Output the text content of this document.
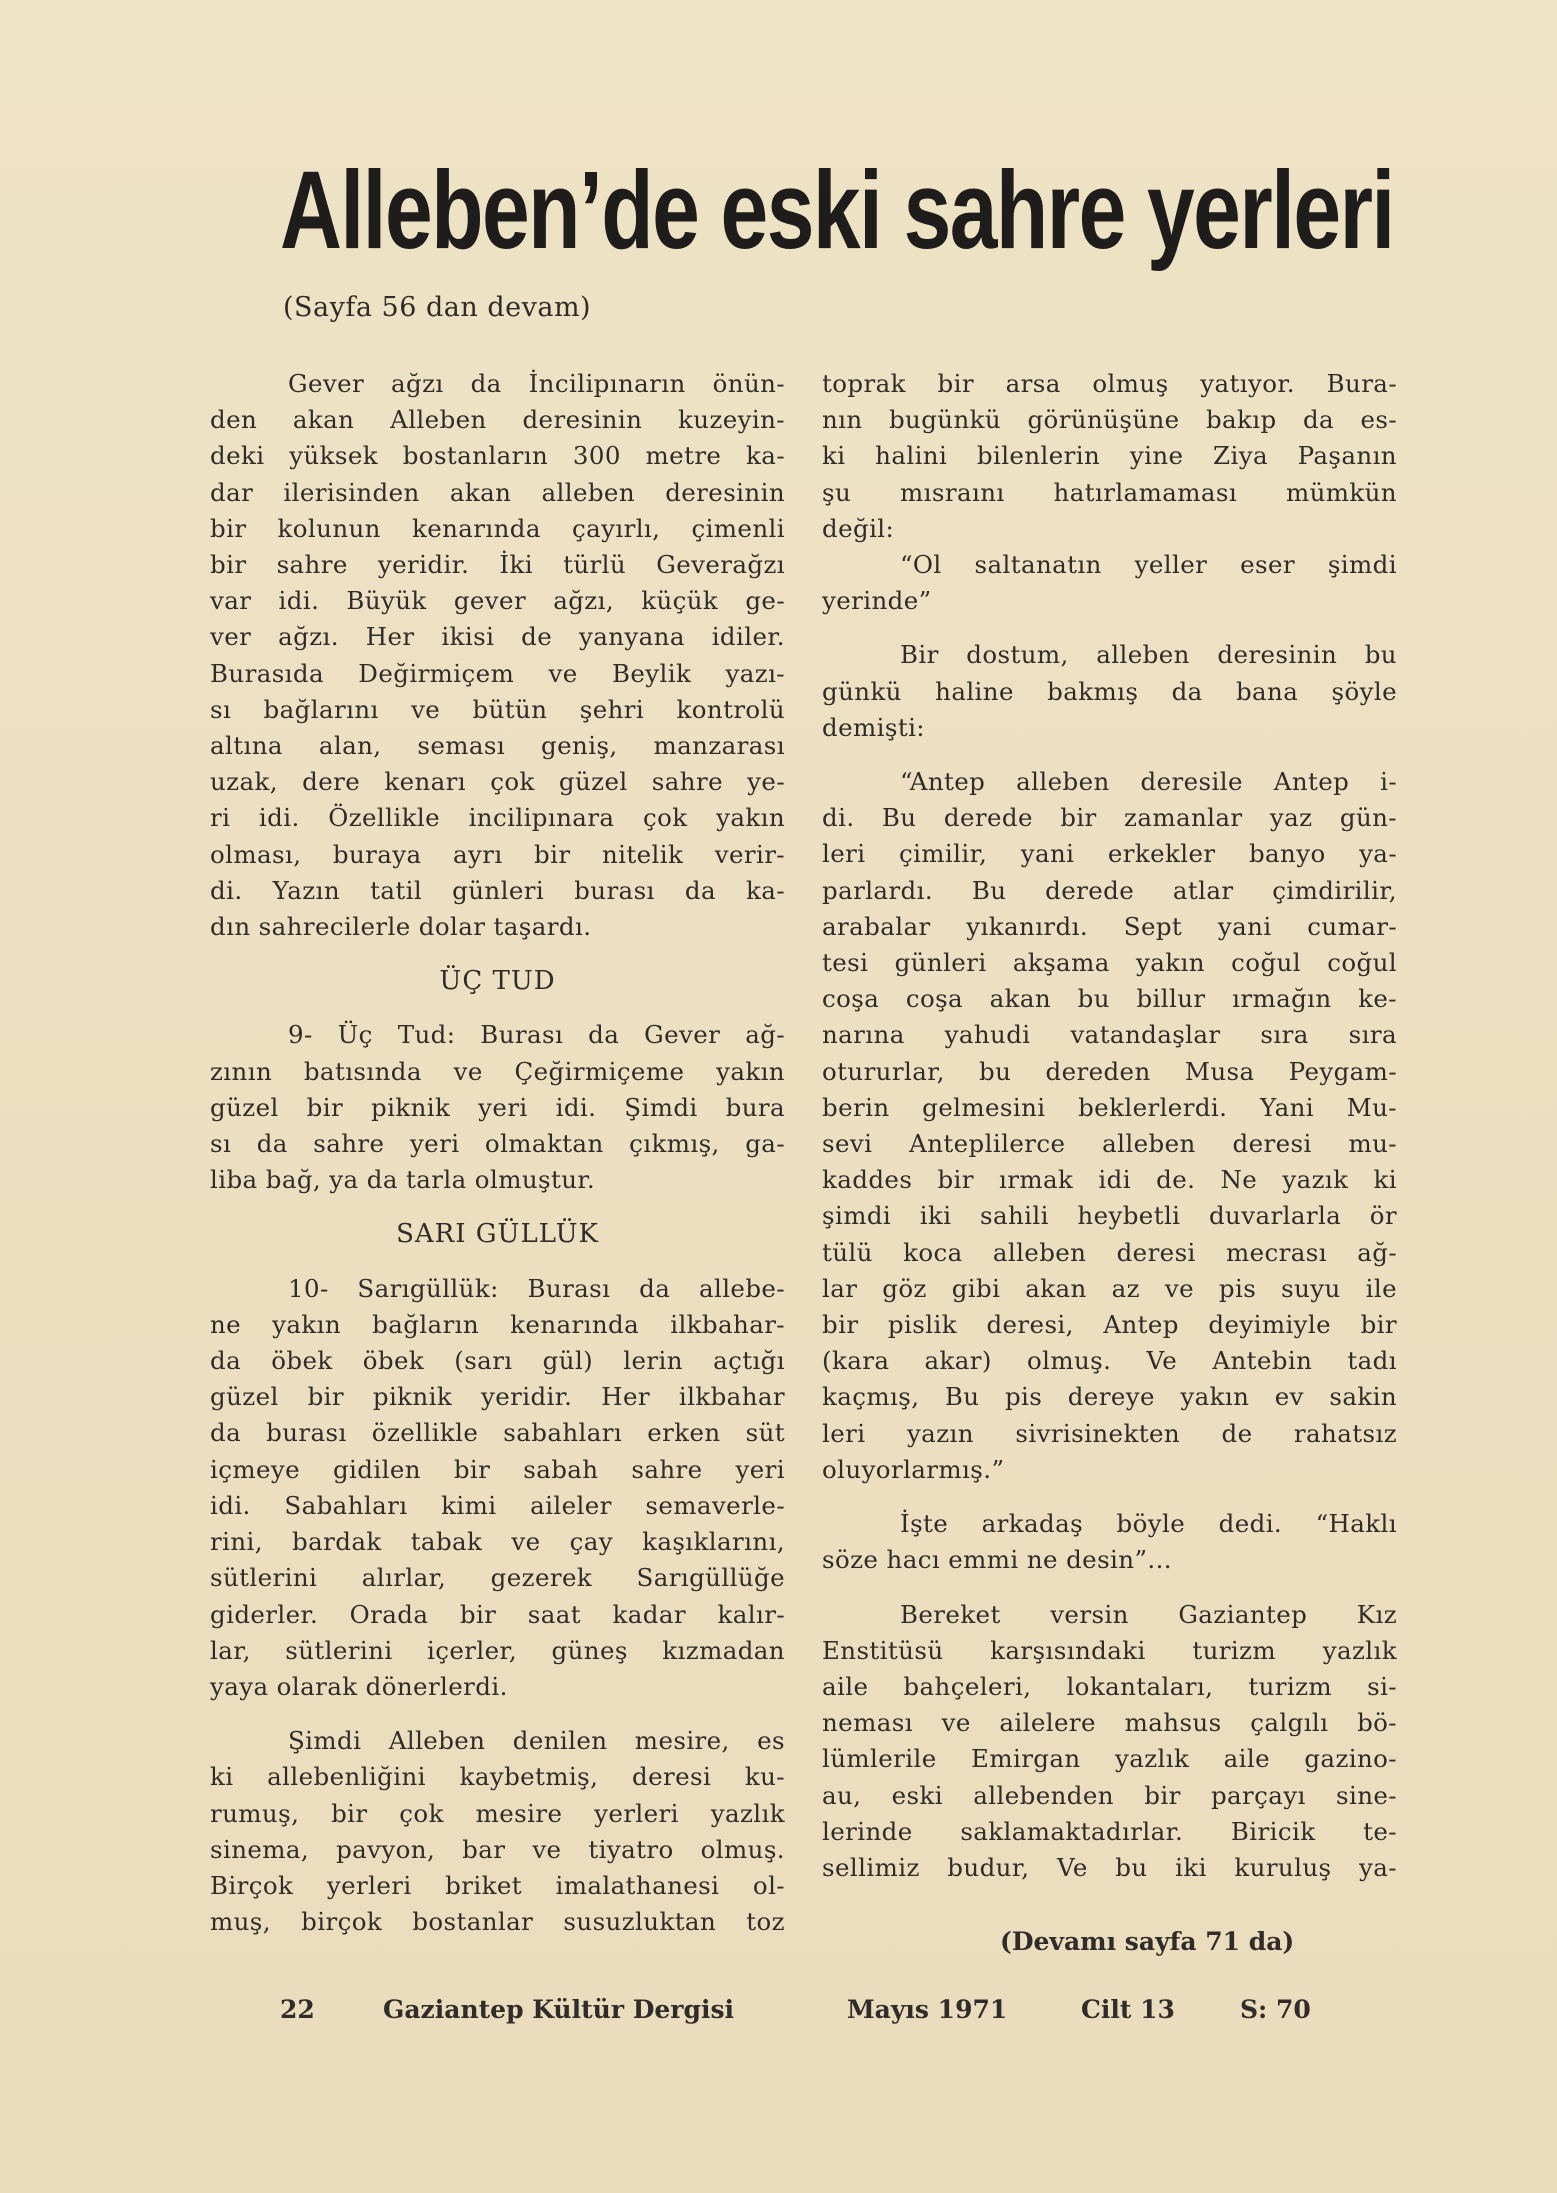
Alleben’de eski sahre yerleri
(Sayfa 56 dan devam)

Gever ağzı da İncilipınarın önün-

den akan Alleben deresinin kuzeyin-

deki yüksek bostanların 300 metre ka-

dar ilerisinden akan alleben deresinin

bir kolunun kenarında çayırlı, çimenli

bir sahre yeridir. İki türlü Geverağzı

var idi. Büyük gever ağzı, küçük ge-

ver ağzı. Her ikisi de yanyana idiler.

Burasıda Değirmiçem ve Beylik yazı-

sı bağlarını ve bütün şehri kontrolü

altına alan, seması geniş, manzarası

uzak, dere kenarı çok güzel sahre ye-

ri idi. Özellikle incilipınara çok yakın

olması, buraya ayrı bir nitelik verir-

di. Yazın tatil günleri burası da ka-

dın sahrecilerle dolar taşardı.

ÜÇ TUD

9- Üç Tud: Burası da Gever ağ-

zının batısında ve Çeğirmiçeme yakın

güzel bir piknik yeri idi. Şimdi bura

sı da sahre yeri olmaktan çıkmış, ga-

liba bağ, ya da tarla olmuştur.

SARI GÜLLÜK

10- Sarıgüllük: Burası da allebe-

ne yakın bağların kenarında ilkbahar-

da öbek öbek (sarı gül) lerin açtığı

güzel bir piknik yeridir. Her ilkbahar

da burası özellikle sabahları erken süt

içmeye gidilen bir sabah sahre yeri

idi. Sabahları kimi aileler semaverle-

rini, bardak tabak ve çay kaşıklarını,

sütlerini alırlar, gezerek Sarıgüllüğe

giderler. Orada bir saat kadar kalır-

lar, sütlerini içerler, güneş kızmadan

yaya olarak dönerlerdi.

Şimdi Alleben denilen mesire, es

ki allebenliğini kaybetmiş, deresi ku-

rumuş, bir çok mesire yerleri yazlık

sinema, pavyon, bar ve tiyatro olmuş.

Birçok yerleri briket imalathanesi ol-

muş, birçok bostanlar susuzluktan toz

toprak bir arsa olmuş yatıyor. Bura-

nın bugünkü görünüşüne bakıp da es-

ki halini bilenlerin yine Ziya Paşanın

şu mısraını hatırlamaması mümkün

değil:

“Ol saltanatın yeller eser şimdi

yerinde”

Bir dostum, alleben deresinin bu

günkü haline bakmış da bana şöyle

demişti:

“Antep alleben deresile Antep i-

di. Bu derede bir zamanlar yaz gün-

leri çimilir, yani erkekler banyo ya-

parlardı. Bu derede atlar çimdirilir,

arabalar yıkanırdı. Sept yani cumar-

tesi günleri akşama yakın coğul coğul

coşa coşa akan bu billur ırmağın ke-

narına yahudi vatandaşlar sıra sıra

otururlar, bu dereden Musa Peygam-

berin gelmesini beklerlerdi. Yani Mu-

sevi Anteplilerce alleben deresi mu-

kaddes bir ırmak idi de. Ne yazık ki

şimdi iki sahili heybetli duvarlarla ör

tülü koca alleben deresi mecrası ağ-

lar göz gibi akan az ve pis suyu ile

bir pislik deresi, Antep deyimiyle bir

(kara akar) olmuş. Ve Antebin tadı

kaçmış, Bu pis dereye yakın ev sakin

leri yazın sivrisinekten de rahatsız

oluyorlarmış.”

İşte arkadaş böyle dedi. “Haklı

söze hacı emmi ne desin”...

Bereket versin Gaziantep Kız

Enstitüsü karşısındaki turizm yazlık

aile bahçeleri, lokantaları, turizm si-

neması ve ailelere mahsus çalgılı bö-

lümlerile Emirgan yazlık aile gazino-

au, eski allebenden bir parçayı sine-

lerinde saklamaktadırlar. Biricik te-

sellimiz budur, Ve bu iki kuruluş ya-

(Devamı sayfa 71 da)
22	Gaziantep Kültür Dergisi	Mayıs 1971	Cilt 13	S: 70
